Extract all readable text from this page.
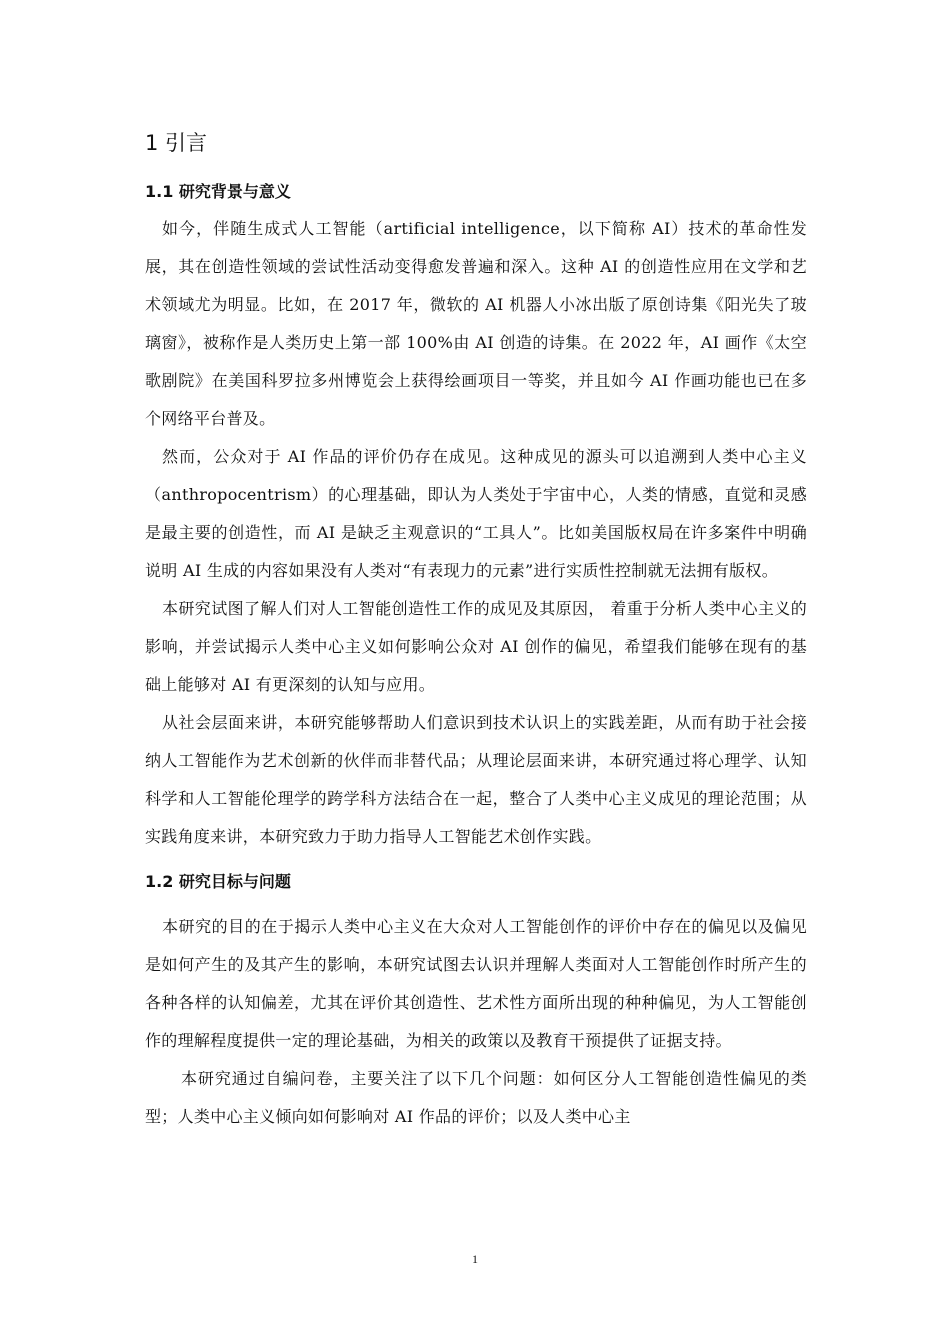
1 引言
1.1 研究背景与意义

如今，伴随生成式人工智能（artificial intelligence，以下简称 AI）技术的革命性发展，其在创造性领域的尝试性活动变得愈发普遍和深入。这种 AI 的创造性应用在文学和艺术领域尤为明显。比如，在 2017 年，微软的 AI 机器人小冰出版了原创诗集《阳光失了玻璃窗》，被称作是人类历史上第一部 100%由 AI 创造的诗集。在 2022 年，AI 画作《太空歌剧院》在美国科罗拉多州博览会上获得绘画项目一等奖，并且如今 AI 作画功能也已在多个网络平台普及。

然而，公众对于 AI 作品的评价仍存在成见。这种成见的源头可以追溯到人类中心主义（anthropocentrism）的心理基础，即认为人类处于宇宙中心，人类的情感，直觉和灵感是最主要的创造性，而 AI 是缺乏主观意识的“工具人”。比如美国版权局在许多案件中明确说明 AI 生成的内容如果没有人类对“有表现力的元素”进行实质性控制就无法拥有版权。

本研究试图了解人们对人工智能创造性工作的成见及其原因， 着重于分析人类中心主义的影响，并尝试揭示人类中心主义如何影响公众对 AI 创作的偏见，希望我们能够在现有的基础上能够对 AI 有更深刻的认知与应用。

从社会层面来讲，本研究能够帮助人们意识到技术认识上的实践差距，从而有助于社会接纳人工智能作为艺术创新的伙伴而非替代品；从理论层面来讲，本研究通过将心理学、认知科学和人工智能伦理学的跨学科方法结合在一起，整合了人类中心主义成见的理论范围；从实践角度来讲，本研究致力于助力指导人工智能艺术创作实践。

1.2 研究目标与问题

本研究的目的在于揭示人类中心主义在大众对人工智能创作的评价中存在的偏见以及偏见是如何产生的及其产生的影响，本研究试图去认识并理解人类面对人工智能创作时所产生的各种各样的认知偏差，尤其在评价其创造性、艺术性方面所出现的种种偏见，为人工智能创作的理解程度提供一定的理论基础，为相关的政策以及教育干预提供了证据支持。

本研究通过自编问卷，主要关注了以下几个问题：如何区分人工智能创造性偏见的类型；人类中心主义倾向如何影响对 AI 作品的评价；以及人类中心主

1
